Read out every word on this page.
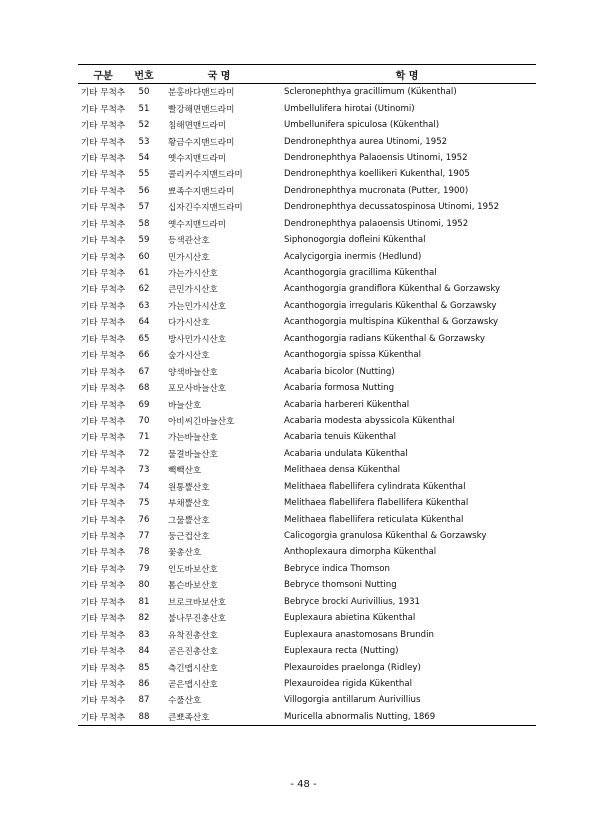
구분	번호	국 명	학 명
기타 무척추	50	분홍바다맨드라미	Scleronephthya gracillimum (Kükenthal)
기타 무척추	51	빨강해면맨드라미	Umbellulifera hirotai (Utinomi)
기타 무척추	52	침해면맨드라미	Umbellunifera spiculosa (Kükenthal)
기타 무척추	53	황금수지맨드라미	Dendronephthya aurea Utinomi, 1952
기타 무척추	54	옛수지맨드라미	Dendronephthya Palaoensis Utinomi, 1952
기타 무척추	55	콜리커수지맨드라미	Dendronephthya koellikeri Kukenthal, 1905
기타 무척추	56	뾰족수지맨드라미	Dendronephthya mucronata (Putter, 1900)
기타 무척추	57	십자긴수지맨드라미	Dendronephthya decussatospinosa Utinomi, 1952
기타 무척추	58	옛수지맨드라미	Dendronephthya palaoensis Utinomi, 1952
기타 무척추	59	등색관산호	Siphonogorgia dofleini Kükenthal
기타 무척추	60	민가시산호	Acalycigorgia inermis (Hedlund)
기타 무척추	61	가는가시산호	Acanthogorgia gracillima Kükenthal
기타 무척추	62	큰민가시산호	Acanthogorgia grandiflora Kükenthal & Gorzawsky
기타 무척추	63	가는민가시산호	Acanthogorgia irregularis Kükenthal & Gorzawsky
기타 무척추	64	다가시산호	Acanthogorgia multispina Kükenthal & Gorzawsky
기타 무척추	65	방사민가시산호	Acanthogorgia radians Kükenthal & Gorzawsky
기타 무척추	66	숲가시산호	Acanthogorgia spissa Kükenthal
기타 무척추	67	양색바늘산호	Acabaria bicolor (Nutting)
기타 무척추	68	포모사바늘산호	Acabaria formosa Nutting
기타 무척추	69	바늘산호	Acabaria harbereri Kükenthal
기타 무척추	70	아비씨긴바늘산호	Acabaria modesta abyssicola Kükenthal
기타 무척추	71	가는바늘산호	Acabaria tenuis Kükenthal
기타 무척추	72	물결바늘산호	Acabaria undulata Kükenthal
기타 무척추	73	빽빽산호	Melithaea densa Kükenthal
기타 무척추	74	원통뿔산호	Melithaea flabellifera cylindrata Kükenthal
기타 무척추	75	부채뿔산호	Melithaea flabellifera flabellifera Kükenthal
기타 무척추	76	그물뿔산호	Melithaea flabellifera reticulata Kükenthal
기타 무척추	77	둥근컵산호	Calicogorgia granulosa Kükenthal & Gorzawsky
기타 무척추	78	꽃총산호	Anthoplexaura dimorpha Kükenthal
기타 무척추	79	인도바보산호	Bebryce indica Thomson
기타 무척추	80	톰슨바보산호	Bebryce thomsoni Nutting
기타 무척추	81	브로크바보산호	Bebryce brocki Aurivillius, 1931
기타 무척추	82	불나무진총산호	Euplexaura abietina Kükenthal
기타 무척추	83	유착진총산호	Euplexaura anastomosans Brundin
기타 무척추	84	곧은진총산호	Euplexaura recta (Nutting)
기타 무척추	85	측긴맵시산호	Plexauroides praelonga (Ridley)
기타 무척추	86	곧은맵시산호	Plexauroidea rigida Kükenthal
기타 무척추	87	수풀산호	Villogorgia antillarum Aurivillius
기타 무척추	88	큰뾰족산호	Muricella abnormalis Nutting, 1869
- 48 -
